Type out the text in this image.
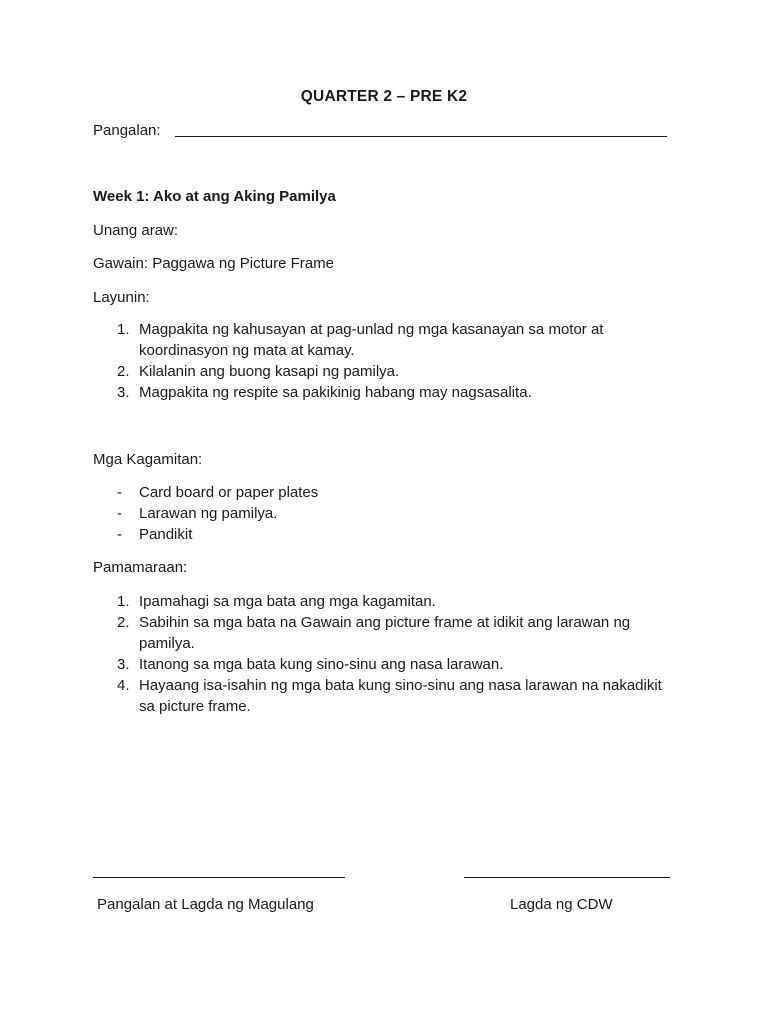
QUARTER 2 – PRE K2
Pangalan:
Week 1: Ako at ang Aking Pamilya
Unang araw:
Gawain: Paggawa ng Picture Frame
Layunin:
1. Magpakita ng kahusayan at pag-unlad ng mga kasanayan sa motor at koordinasyon ng mata at kamay.
2. Kilalanin ang buong kasapi ng pamilya.
3. Magpakita ng respite sa pakikinig habang may nagsasalita.
Mga Kagamitan:
- Card board or paper plates
- Larawan ng pamilya.
- Pandikit
Pamamaraan:
1. Ipamahagi sa mga bata ang mga kagamitan.
2. Sabihin sa mga bata na Gawain ang picture frame at idikit ang larawan ng pamilya.
3. Itanong sa mga bata kung sino-sinu ang nasa larawan.
4. Hayaang isa-isahin ng mga bata kung sino-sinu ang nasa larawan na nakadikit sa picture frame.
Pangalan at Lagda ng Magulang	Lagda ng CDW
